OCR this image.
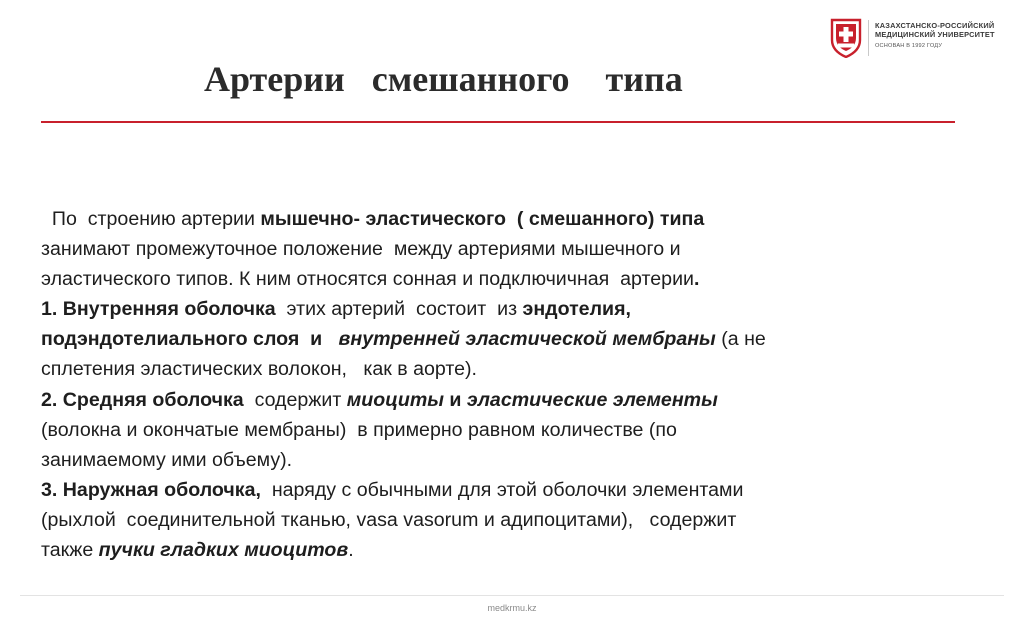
КАЗАХСТАНСКО-РОССИЙСКИЙ
МЕДИЦИНСКИЙ УНИВЕРСИТЕТ
ОСНОВАН В 1992 ГОДУ
Артерии   смешанного    типа
По  строению артерии мышечно- эластического  ( смешанного) типа
занимают промежуточное положение  между артериями мышечного и
эластического типов. К ним относятся сонная и подключичная  артерии.
1. Внутренняя оболочка  этих артерий  состоит  из эндотелия,
подэндотелиального слоя  и   внутренней эластической мембраны (а не
сплетения эластических волокон,   как в аорте).
2. Средняя оболочка  содержит миоциты и эластические элементы
(волокна и окончатые мембраны)  в примерно равном количестве (по
занимаемому ими объему).
3. Наружная оболочка,  наряду с обычными для этой оболочки элементами
(рыхлой  соединительной тканью, vasa vasorum и адипоцитами),   содержит
также пучки гладких миоцитов.
medkrmu.kz
